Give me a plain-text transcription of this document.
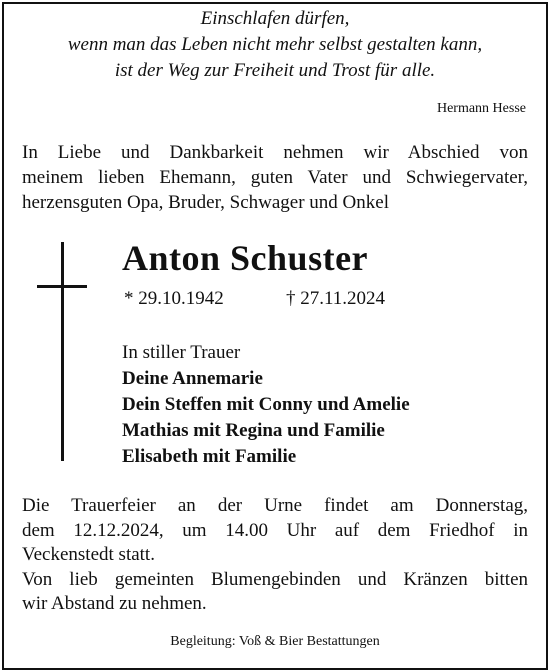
Einschlafen dürfen,
wenn man das Leben nicht mehr selbst gestalten kann,
ist der Weg zur Freiheit und Trost für alle.
Hermann Hesse
In Liebe und Dankbarkeit nehmen wir Abschied von
meinem lieben Ehemann, guten Vater und Schwiegervater,
herzensguten Opa, Bruder, Schwager und Onkel
Anton Schuster
* 29.10.1942	† 27.11.2024
In stiller Trauer
Deine Annemarie
Dein Steffen mit Conny und Amelie
Mathias mit Regina und Familie
Elisabeth mit Familie
Die Trauerfeier an der Urne findet am Donnerstag,
dem 12.12.2024, um 14.00 Uhr auf dem Friedhof in
Veckenstedt statt.
Von lieb gemeinten Blumengebinden und Kränzen bitten
wir Abstand zu nehmen.
Begleitung: Voß & Bier Bestattungen
